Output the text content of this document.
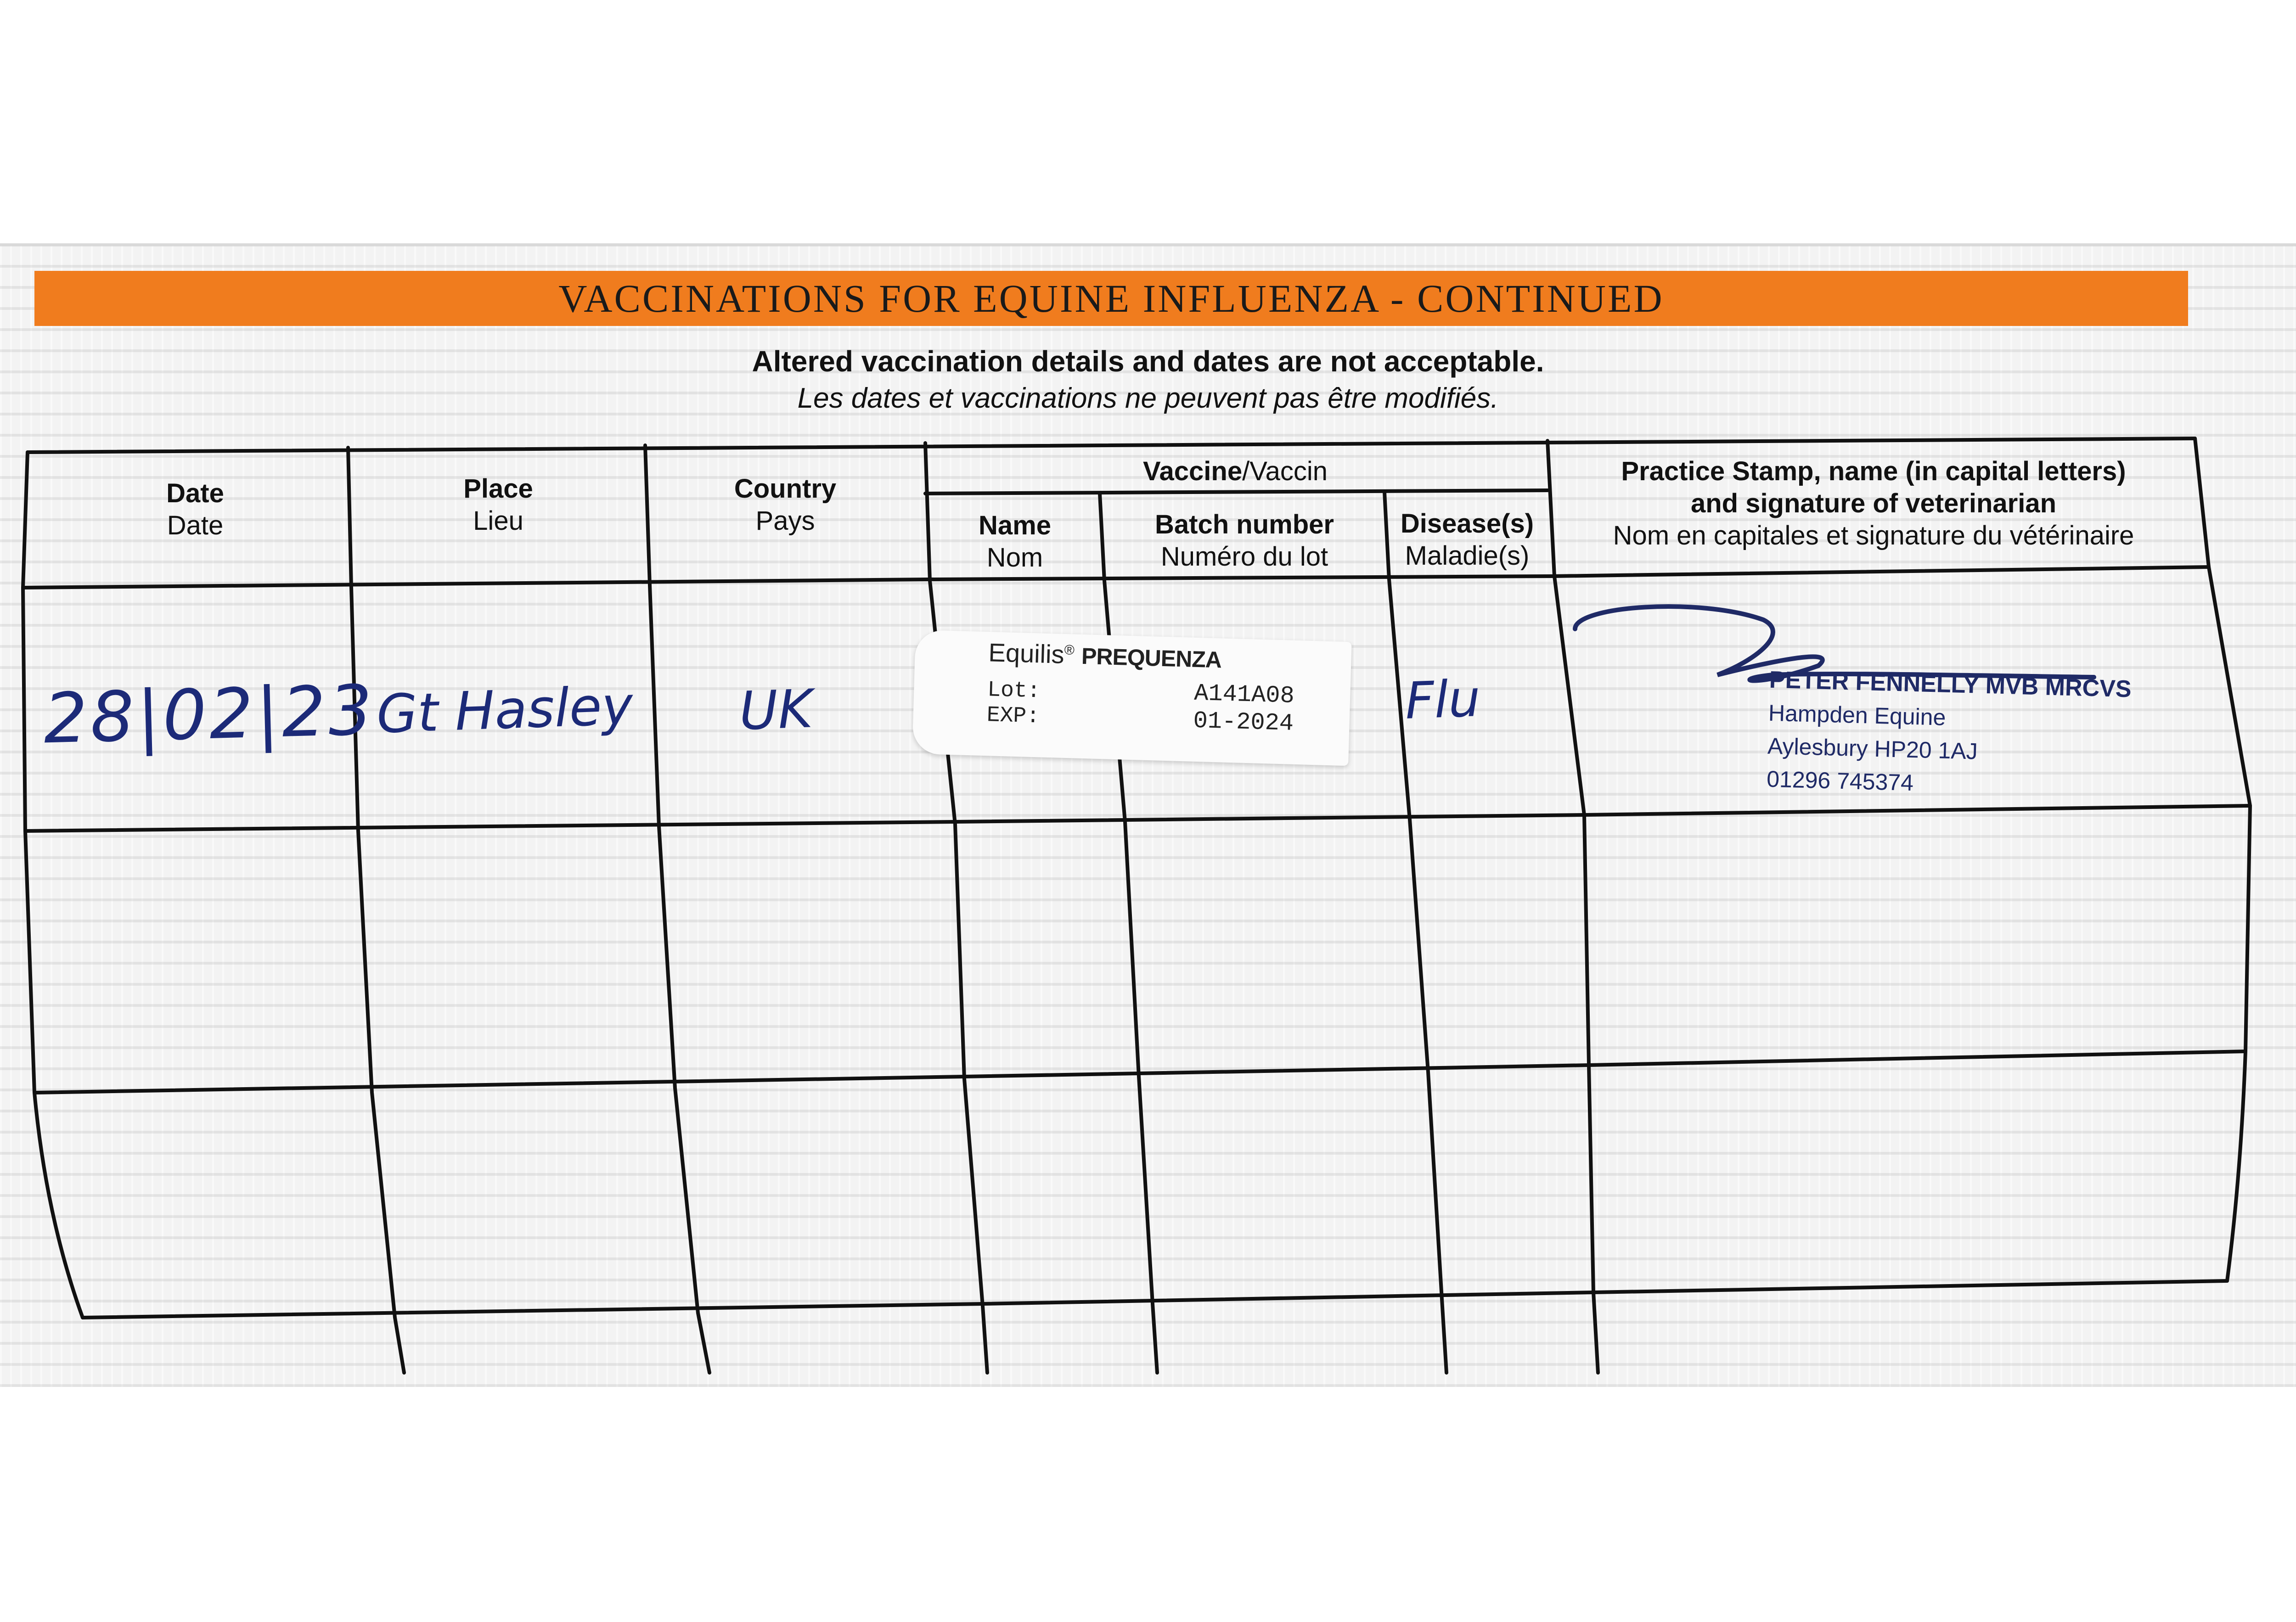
VACCINATIONS FOR EQUINE INFLUENZA - CONTINUED
Altered vaccination details and dates are not acceptable.
Les dates et vaccinations ne peuvent pas être modifiés.
Date
Date
Place
Lieu
Country
Pays
Vaccine/Vaccin
Name
Nom
Batch number
Numéro du lot
Disease(s)
Maladie(s)
Practice Stamp, name (in capital letters)
and signature of veterinarian
Nom en capitales et signature du vétérinaire
28|02|23
Gt Hasley UK	Flu
Equilis® PREQUENZA
Lot:
EXP:
A141A08
01-2024
PETER FENNELLY MVB MRCVS
Hampden Equine
Aylesbury HP20 1AJ
01296 745374
